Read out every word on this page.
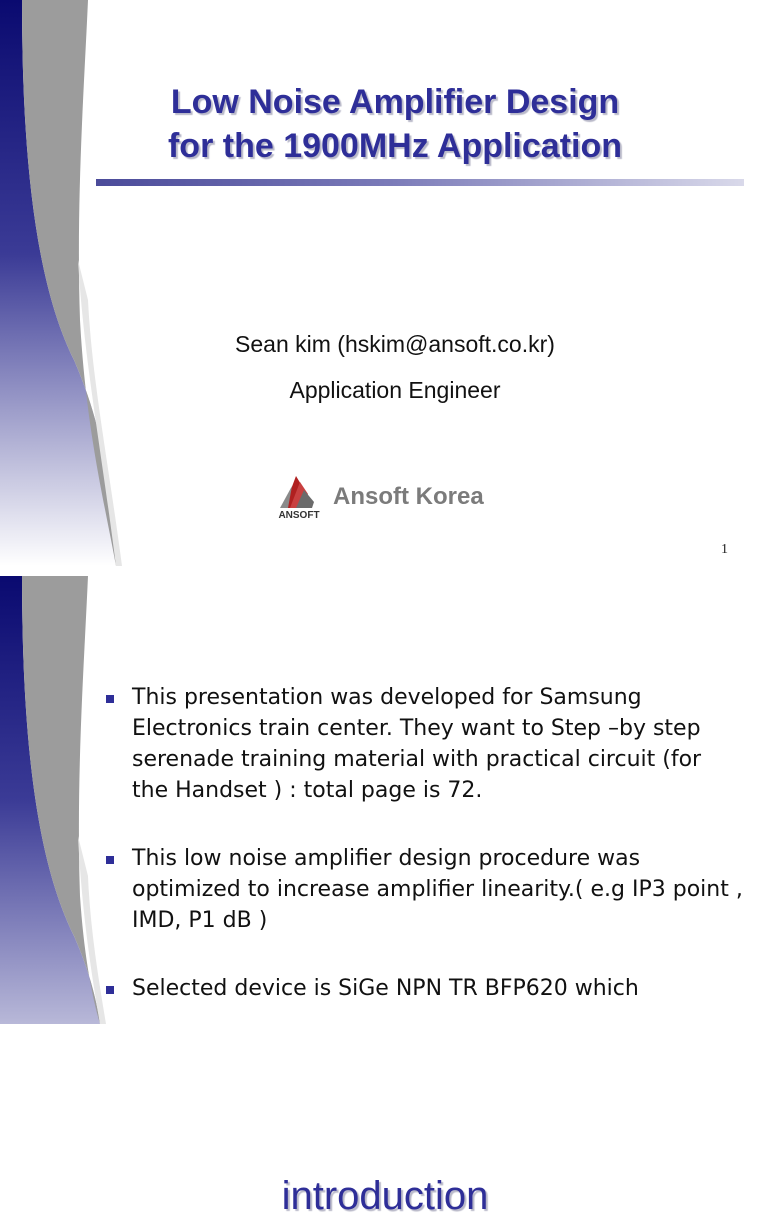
Low Noise Amplifier Design
for the 1900MHz Application
Sean kim (hskim@ansoft.co.kr)
Application Engineer
ANSOFT
Ansoft Korea
1
introduction
This presentation was developed for Samsung Electronics train center. They want to Step –by step serenade training material with practical circuit (for the Handset ) : total page is 72.
This low noise amplifier design procedure was optimized to increase amplifier linearity.( e.g IP3 point , IMD, P1 dB )
Selected device is SiGe NPN TR BFP620 which
